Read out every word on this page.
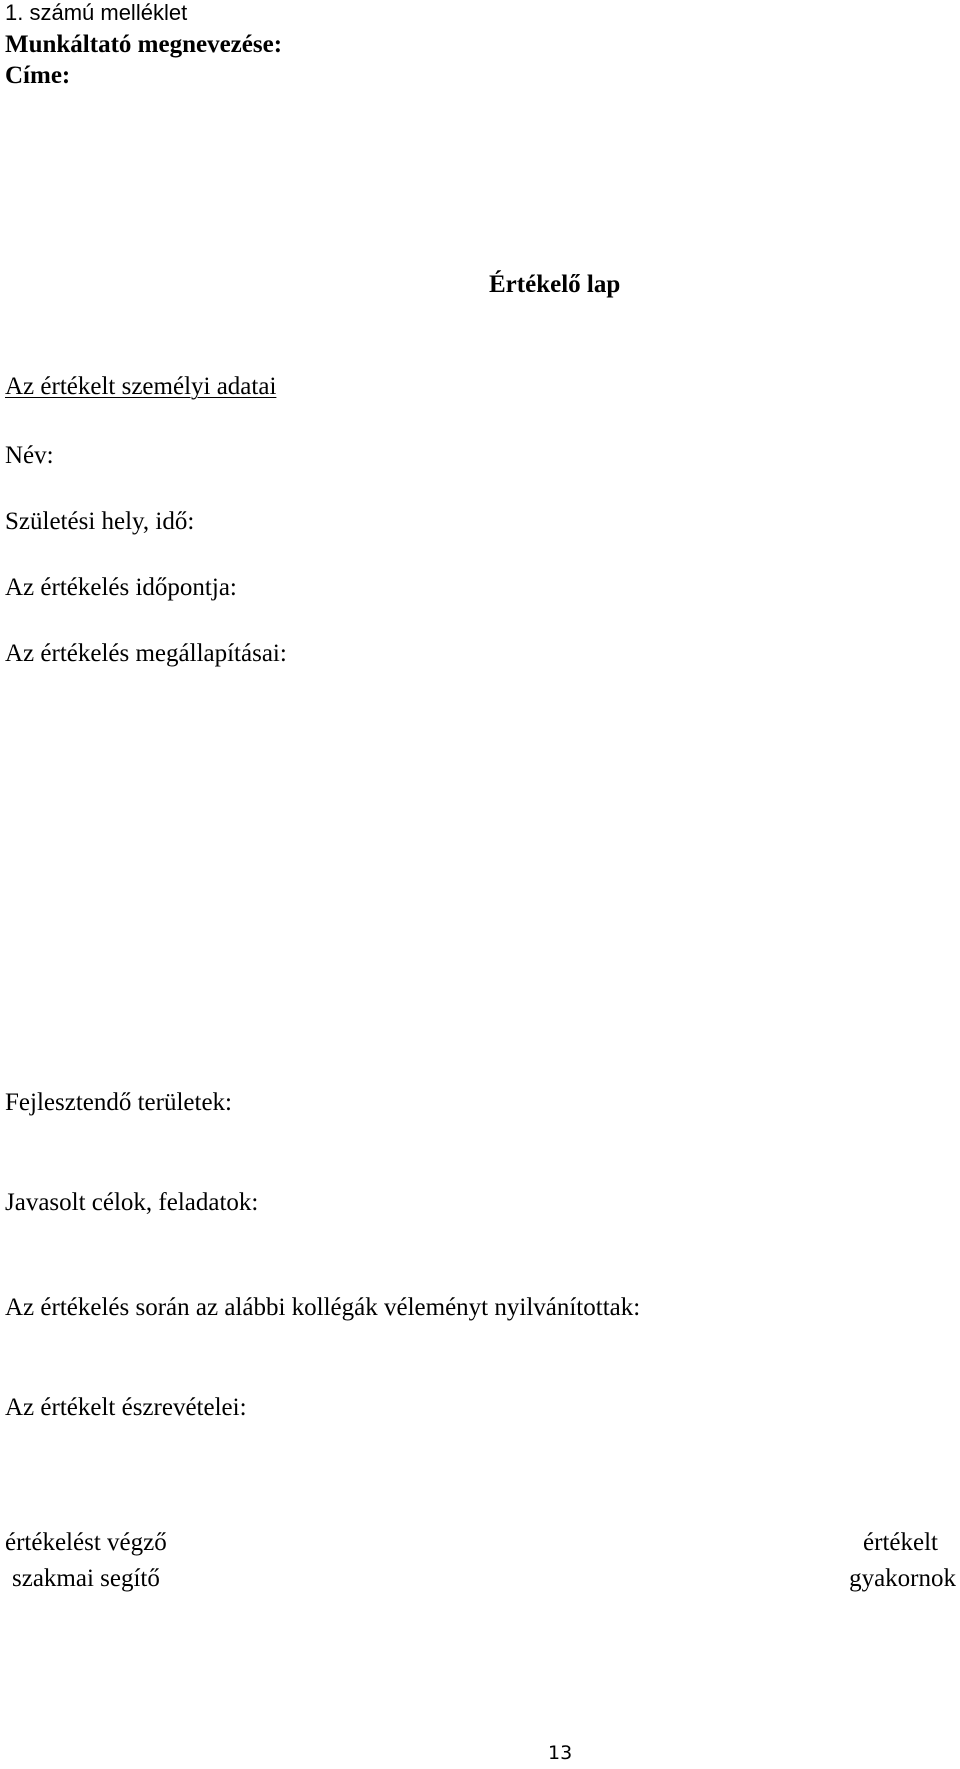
1. számú melléklet
Munkáltató megnevezése:
Címe:
Értékelő lap
Az értékelt személyi adatai
Név:
Születési hely, idő:
Az értékelés időpontja:
Az értékelés megállapításai:
Fejlesztendő területek:
Javasolt célok, feladatok:
Az értékelés során az alábbi kollégák véleményt nyilvánítottak:
Az értékelt észrevételei:
értékelést végző
szakmai segítő
értékelt
gyakornok
13
